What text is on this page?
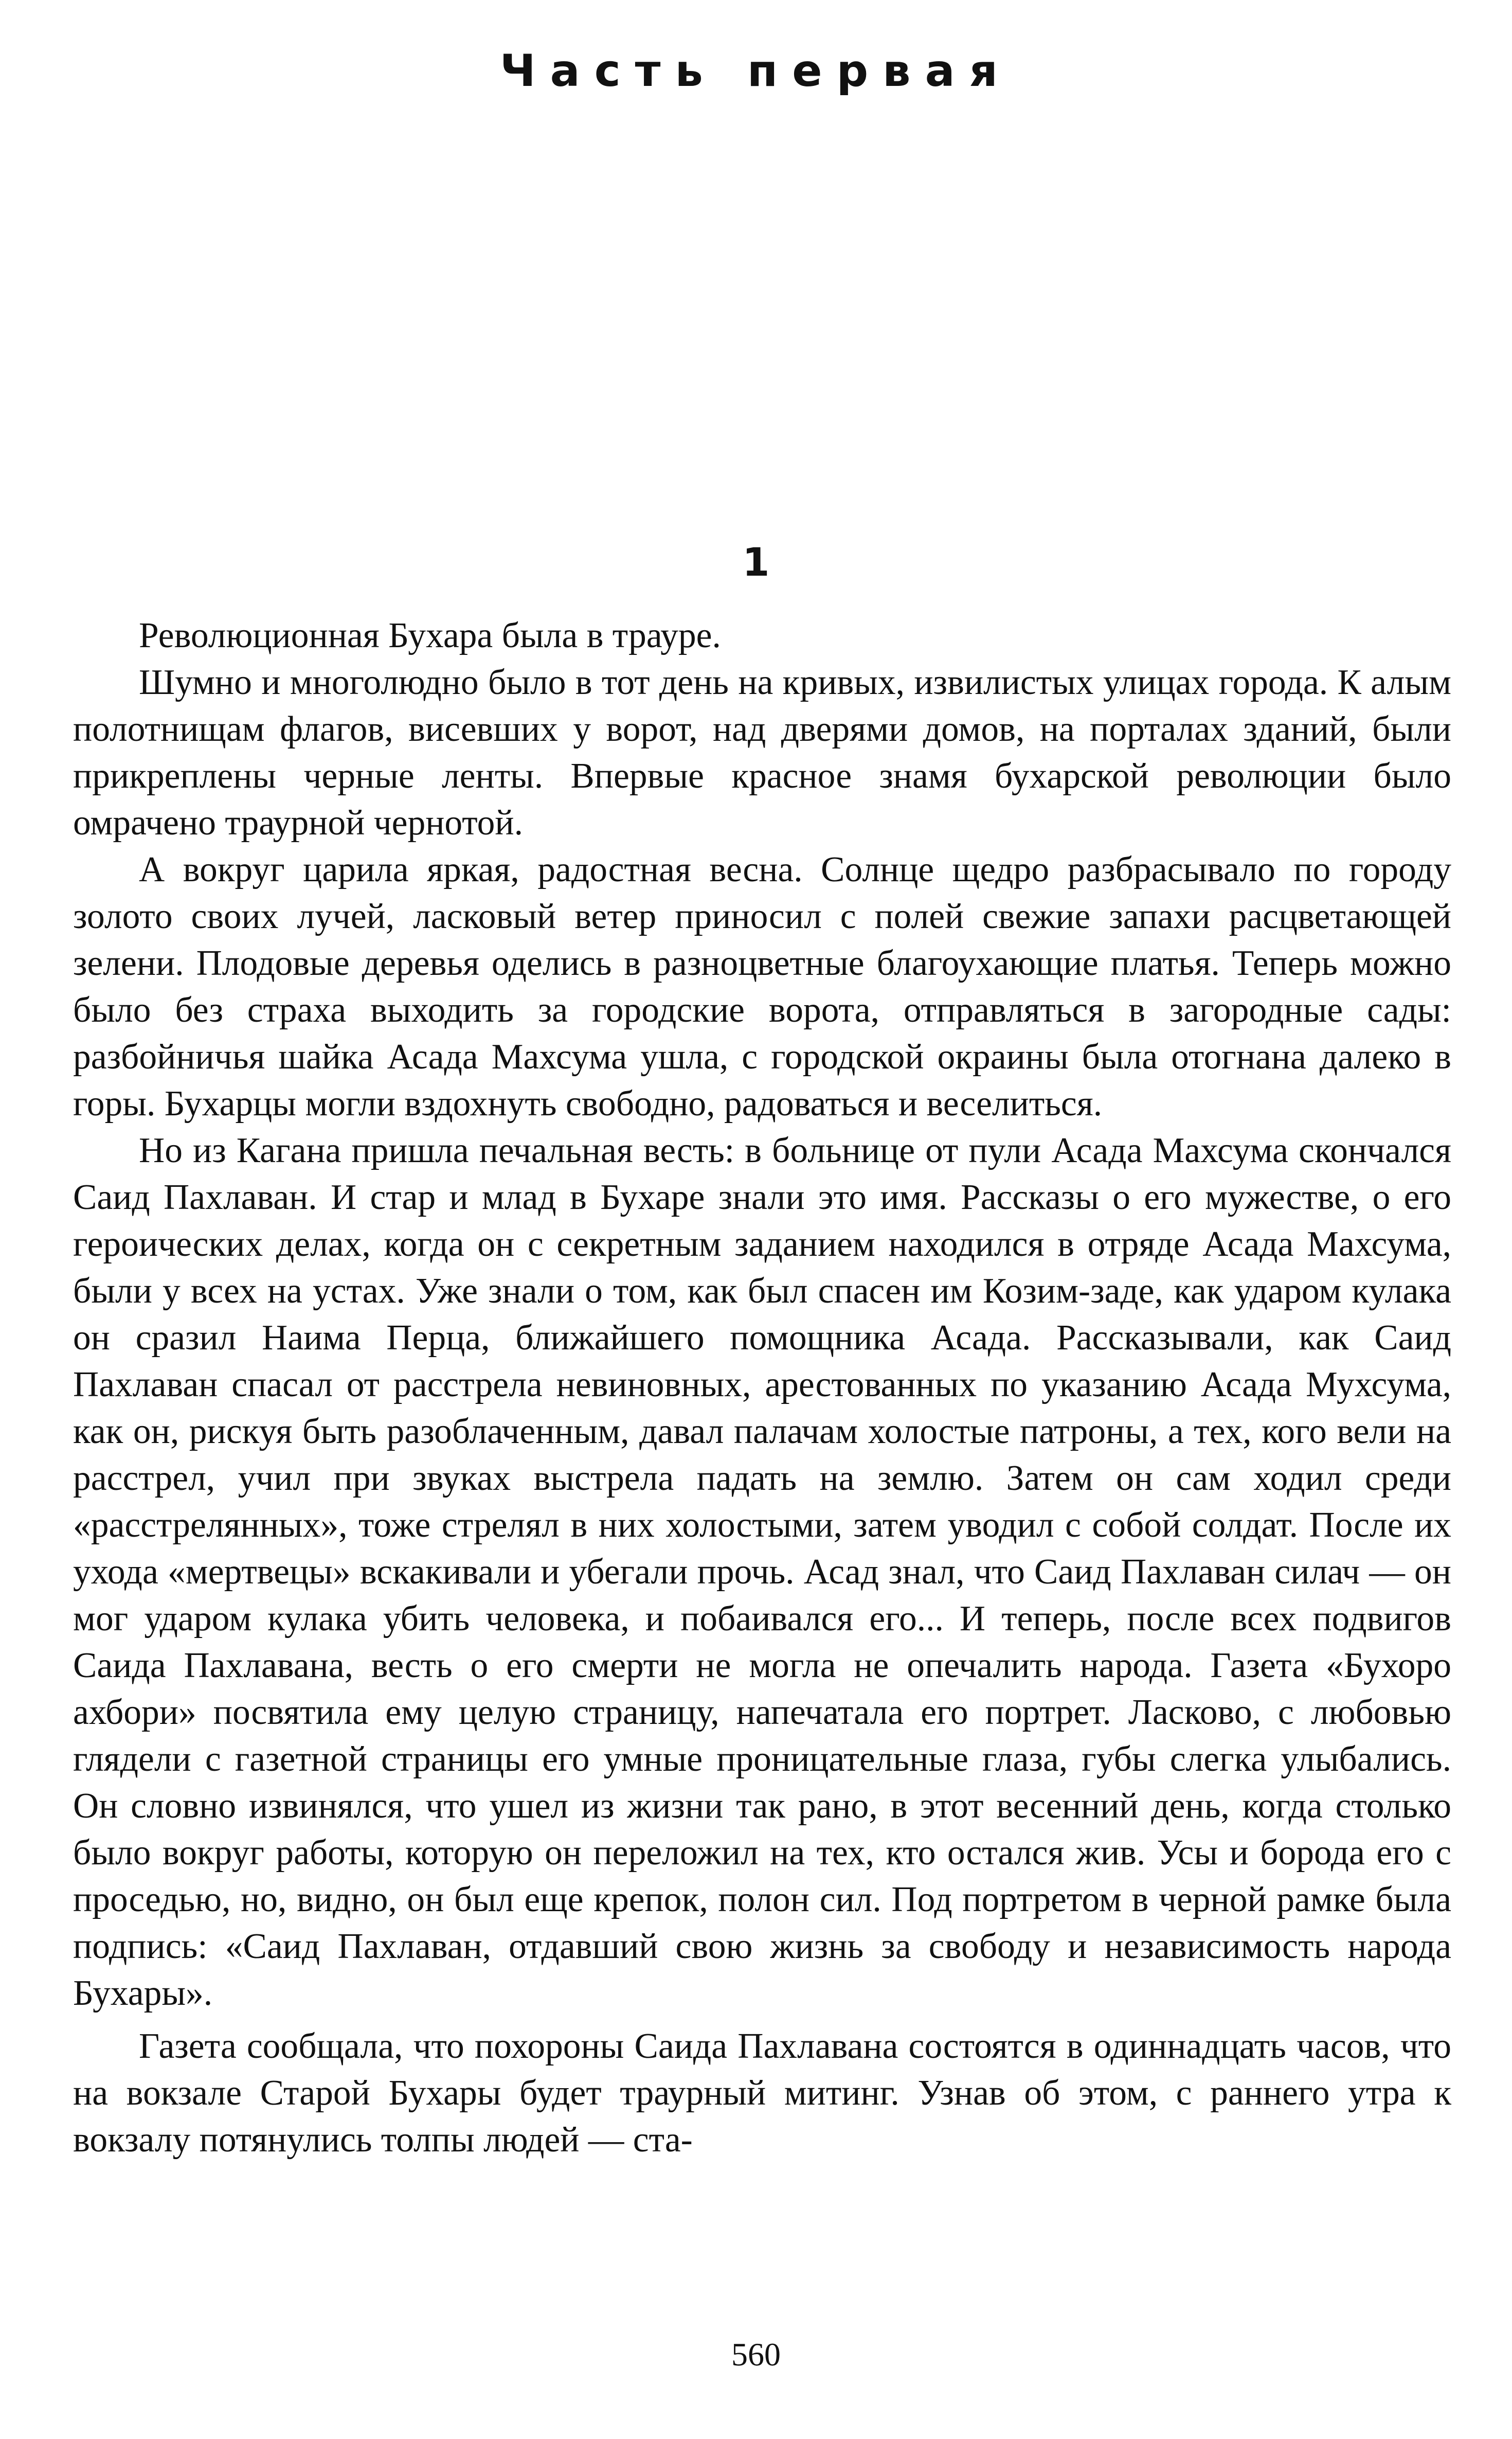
Часть первая
1

Революционная Бухара была в трауре.

Шумно и многолюдно было в тот день на кривых, извилистых улицах города. К алым полотнищам флагов, висевших у ворот, над дверями домов, на порталах зданий, были прикреплены черные ленты. Впервые красное знамя бухарской революции было омрачено траурной чернотой.

А вокруг царила яркая, радостная весна. Солнце щедро разбрасывало по городу золото своих лучей, ласковый ветер приносил с полей свежие запахи расцветающей зелени. Плодовые деревья оделись в разноцветные благоухающие платья. Теперь можно было без страха выходить за городские ворота, отправляться в загородные сады: разбойничья шайка Асада Махсума ушла, с городской окраины была отогнана далеко в горы. Бухарцы могли вздохнуть свободно, радоваться и веселиться.

Но из Кагана пришла печальная весть: в больнице от пули Асада Махсума скончался Саид Пахлаван. И стар и млад в Бухаре знали это имя. Рассказы о его мужестве, о его героических делах, когда он с секретным заданием находился в отряде Асада Махсума, были у всех на устах. Уже знали о том, как был спасен им Козим-заде, как ударом кулака он сразил Наима Перца, ближайшего помощника Асада. Рассказывали, как Саид Пахлаван спасал от расстрела невиновных, арестованных по указанию Асада Мухсума, как он, рискуя быть разоблаченным, давал палачам холостые патроны, а тех, кого вели на расстрел, учил при звуках выстрела падать на землю. Затем он сам ходил среди «расстрелянных», тоже стрелял в них холостыми, затем уводил с собой солдат. После их ухода «мертвецы» вскакивали и убегали прочь. Асад знал, что Саид Пахлаван силач — он мог ударом кулака убить человека, и побаивался его... И теперь, после всех подвигов Саида Пахлавана, весть о его смерти не могла не опечалить народа. Газета «Бухоро ахбори» посвятила ему целую страницу, напечатала его портрет. Ласково, с любовью глядели с газетной страницы его умные проницательные глаза, губы слегка улыбались. Он словно извинялся, что ушел из жизни так рано, в этот весенний день, когда столько было вокруг работы, которую он переложил на тех, кто остался жив. Усы и борода его с проседью, но, видно, он был еще крепок, полон сил. Под портретом в черной рамке была подпись: «Саид Пахлаван, отдавший свою жизнь за свободу и независимость народа Бухары».

Газета сообщала, что похороны Саида Пахлавана состоятся в одиннадцать часов, что на вокзале Старой Бухары будет траурный митинг. Узнав об этом, с раннего утра к вокзалу потянулись толпы людей — ста-

560
